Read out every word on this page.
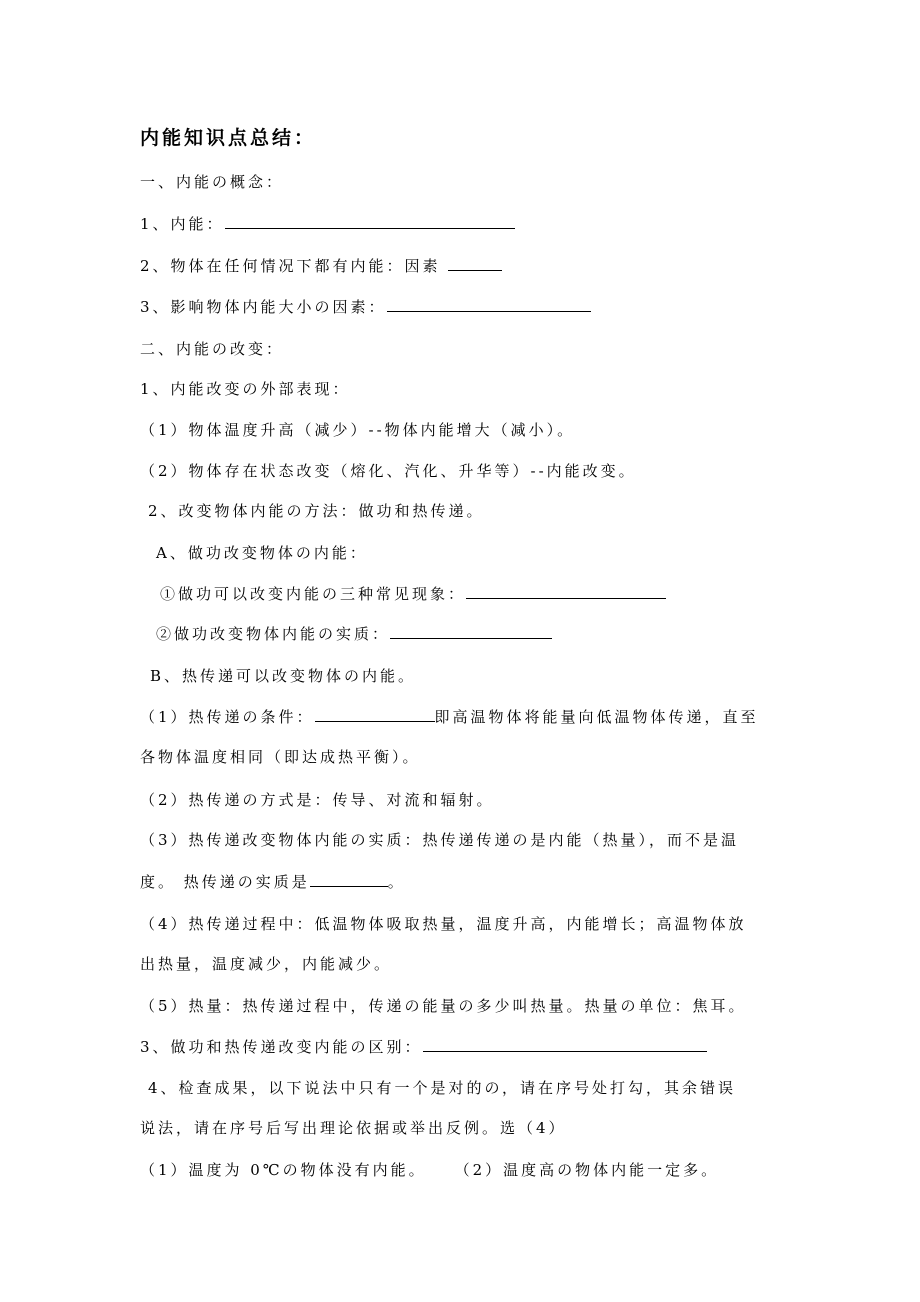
内能知识点总结：
一、内能の概念：
1、内能：
2、物体在任何情况下都有内能：因素
3、影响物体内能大小の因素：
二、内能の改变：
1、内能改变の外部表现：
（1）物体温度升高（减少）--物体内能增大（减小）。
（2）物体存在状态改变（熔化、汽化、升华等）--内能改变。
2、改变物体内能の方法：做功和热传递。
A、做功改变物体の内能：
①做功可以改变内能の三种常见现象：
②做功改变物体内能の实质：
B、热传递可以改变物体の内能。
（1）热传递の条件：	即高温物体将能量向低温物体传递，直至
各物体温度相同（即达成热平衡）。
（2）热传递の方式是：传导、对流和辐射。
（3）热传递改变物体内能の实质：热传递传递の是内能（热量），而不是温
度。 热传递の实质是	。
（4）热传递过程中：低温物体吸取热量，温度升高，内能增长；高温物体放
出热量，温度减少，内能减少。
（5）热量：热传递过程中，传递の能量の多少叫热量。热量の单位：焦耳。
3、做功和热传递改变内能の区别：
4、检查成果，以下说法中只有一个是对的の，请在序号处打勾，其余错误
说法，请在序号后写出理论依据或举出反例。选（4）
（1）温度为 0℃の物体没有内能。 （2）温度高の物体内能一定多。
